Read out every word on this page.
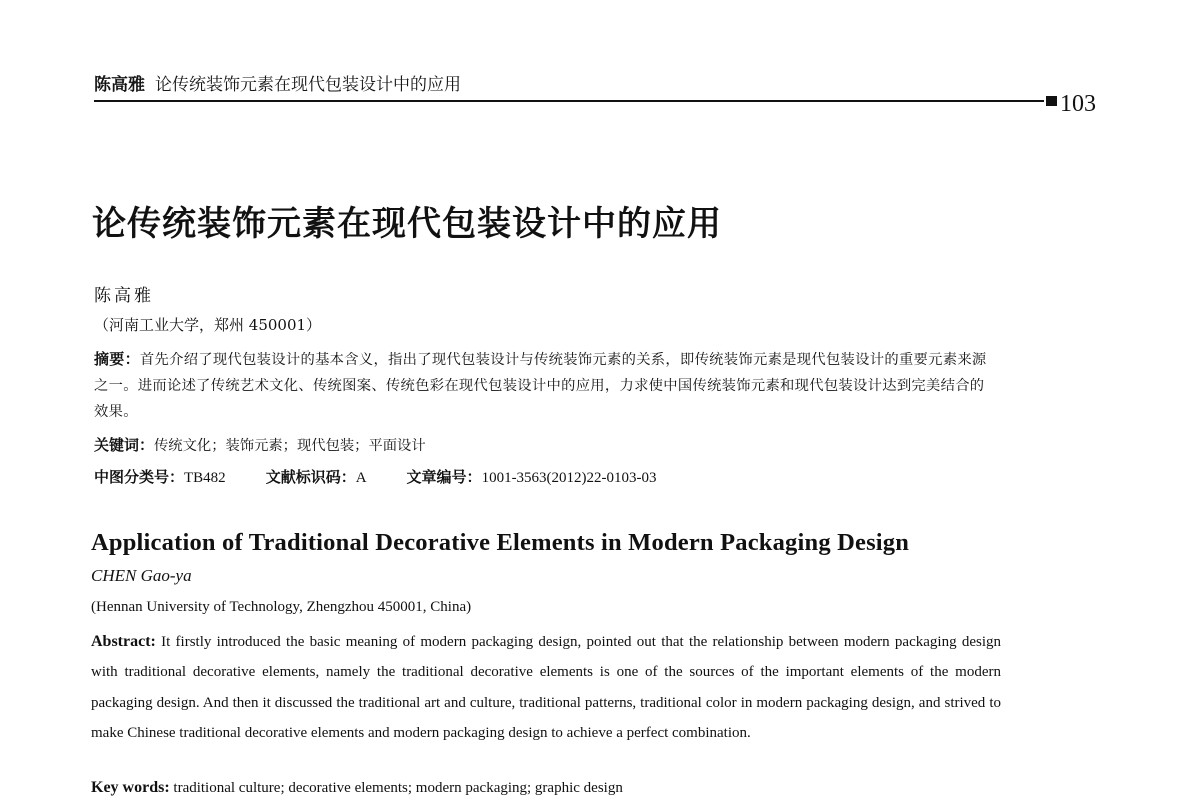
陈高雅 论传统装饰元素在现代包装设计中的应用
103
论传统装饰元素在现代包装设计中的应用
陈高雅
（河南工业大学，郑州 450001）
摘要：首先介绍了现代包装设计的基本含义，指出了现代包装设计与传统装饰元素的关系，即传统装饰元素是现代包装设计的重要元素来源之一。进而论述了传统艺术文化、传统图案、传统色彩在现代包装设计中的应用，力求使中国传统装饰元素和现代包装设计达到完美结合的效果。
关键词：传统文化；装饰元素；现代包装；平面设计
中图分类号：TB482	文献标识码：A	文章编号：1001-3563(2012)22-0103-03
Application of Traditional Decorative Elements in Modern Packaging Design
CHEN Gao-ya
(Hennan University of Technology, Zhengzhou 450001, China)
Abstract: It firstly introduced the basic meaning of modern packaging design, pointed out that the relationship between modern packaging design with traditional decorative elements, namely the traditional decorative elements is one of the sources of the important elements of the modern packaging design. And then it discussed the traditional art and culture, traditional patterns, traditional color in modern packaging design, and strived to make Chinese traditional decorative elements and modern packaging design to achieve a perfect combination.
Key words: traditional culture; decorative elements; modern packaging; graphic design
